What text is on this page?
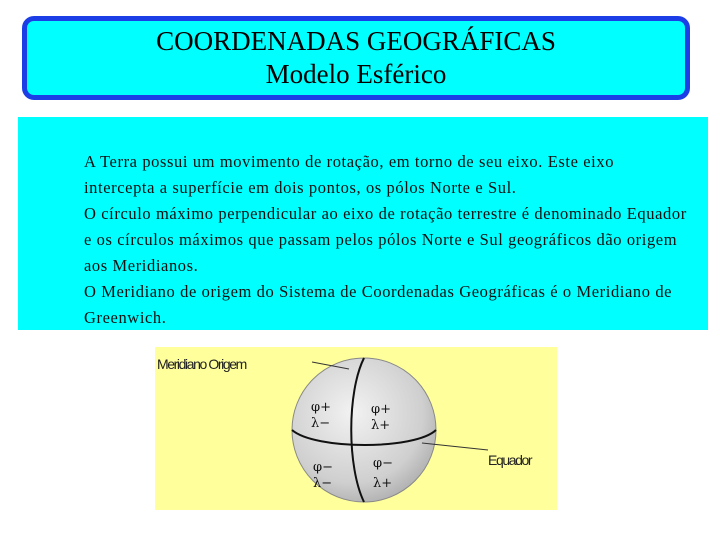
COORDENADAS GEOGRÁFICAS
Modelo Esférico

A Terra possui um movimento de rotação, em torno de seu eixo. Este eixo intercepta a superfície em dois pontos, os pólos Norte e Sul.

O círculo máximo perpendicular ao eixo de rotação terrestre é denominado Equador e os círculos máximos que passam pelos pólos Norte e Sul geográficos dão origem aos Meridianos.

O Meridiano de origem do Sistema de Coordenadas Geográficas é o Meridiano de Greenwich.

Meridiano Origem
Equador
φ+
λ−
φ+
λ+
φ−
λ−
φ−
λ+
